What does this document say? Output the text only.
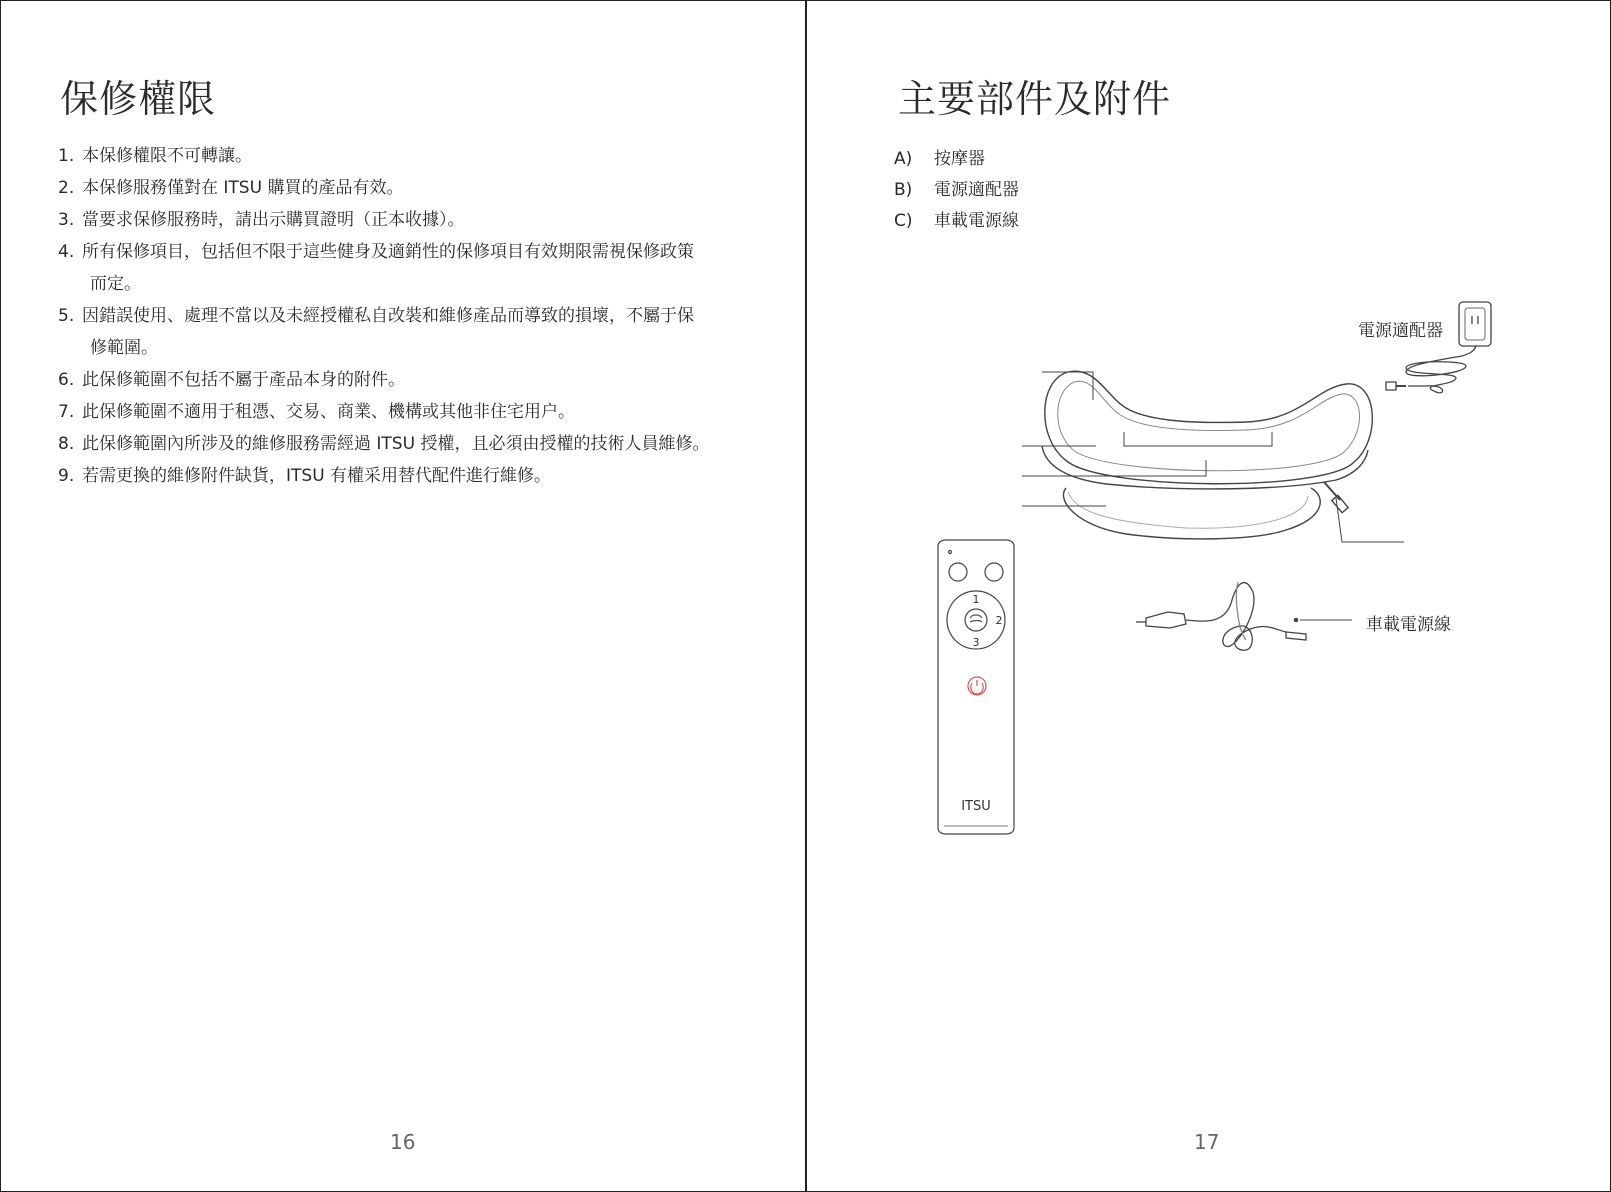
保修權限
1. 本保修權限不可轉讓。
2. 本保修服務僅對在 ITSU 購買的產品有效。
3. 當要求保修服務時，請出示購買證明（正本收據）。
4. 所有保修項目，包括但不限于這些健身及適銷性的保修項目有效期限需視保修政策
而定。
5. 因錯誤使用、處理不當以及未經授權私自改裝和維修產品而導致的損壞，不屬于保
修範圍。
6. 此保修範圍不包括不屬于產品本身的附件。
7. 此保修範圍不適用于租憑、交易、商業、機構或其他非住宅用户。
8. 此保修範圍內所涉及的維修服務需經過 ITSU 授權，且必須由授權的技術人員維修。
9. 若需更換的維修附件缺貨，ITSU 有權采用替代配件進行維修。
16
主要部件及附件
A) 按摩器
B) 電源適配器
C) 車載電源線
1
2
3
ITSU
電源適配器
車載電源線
17
